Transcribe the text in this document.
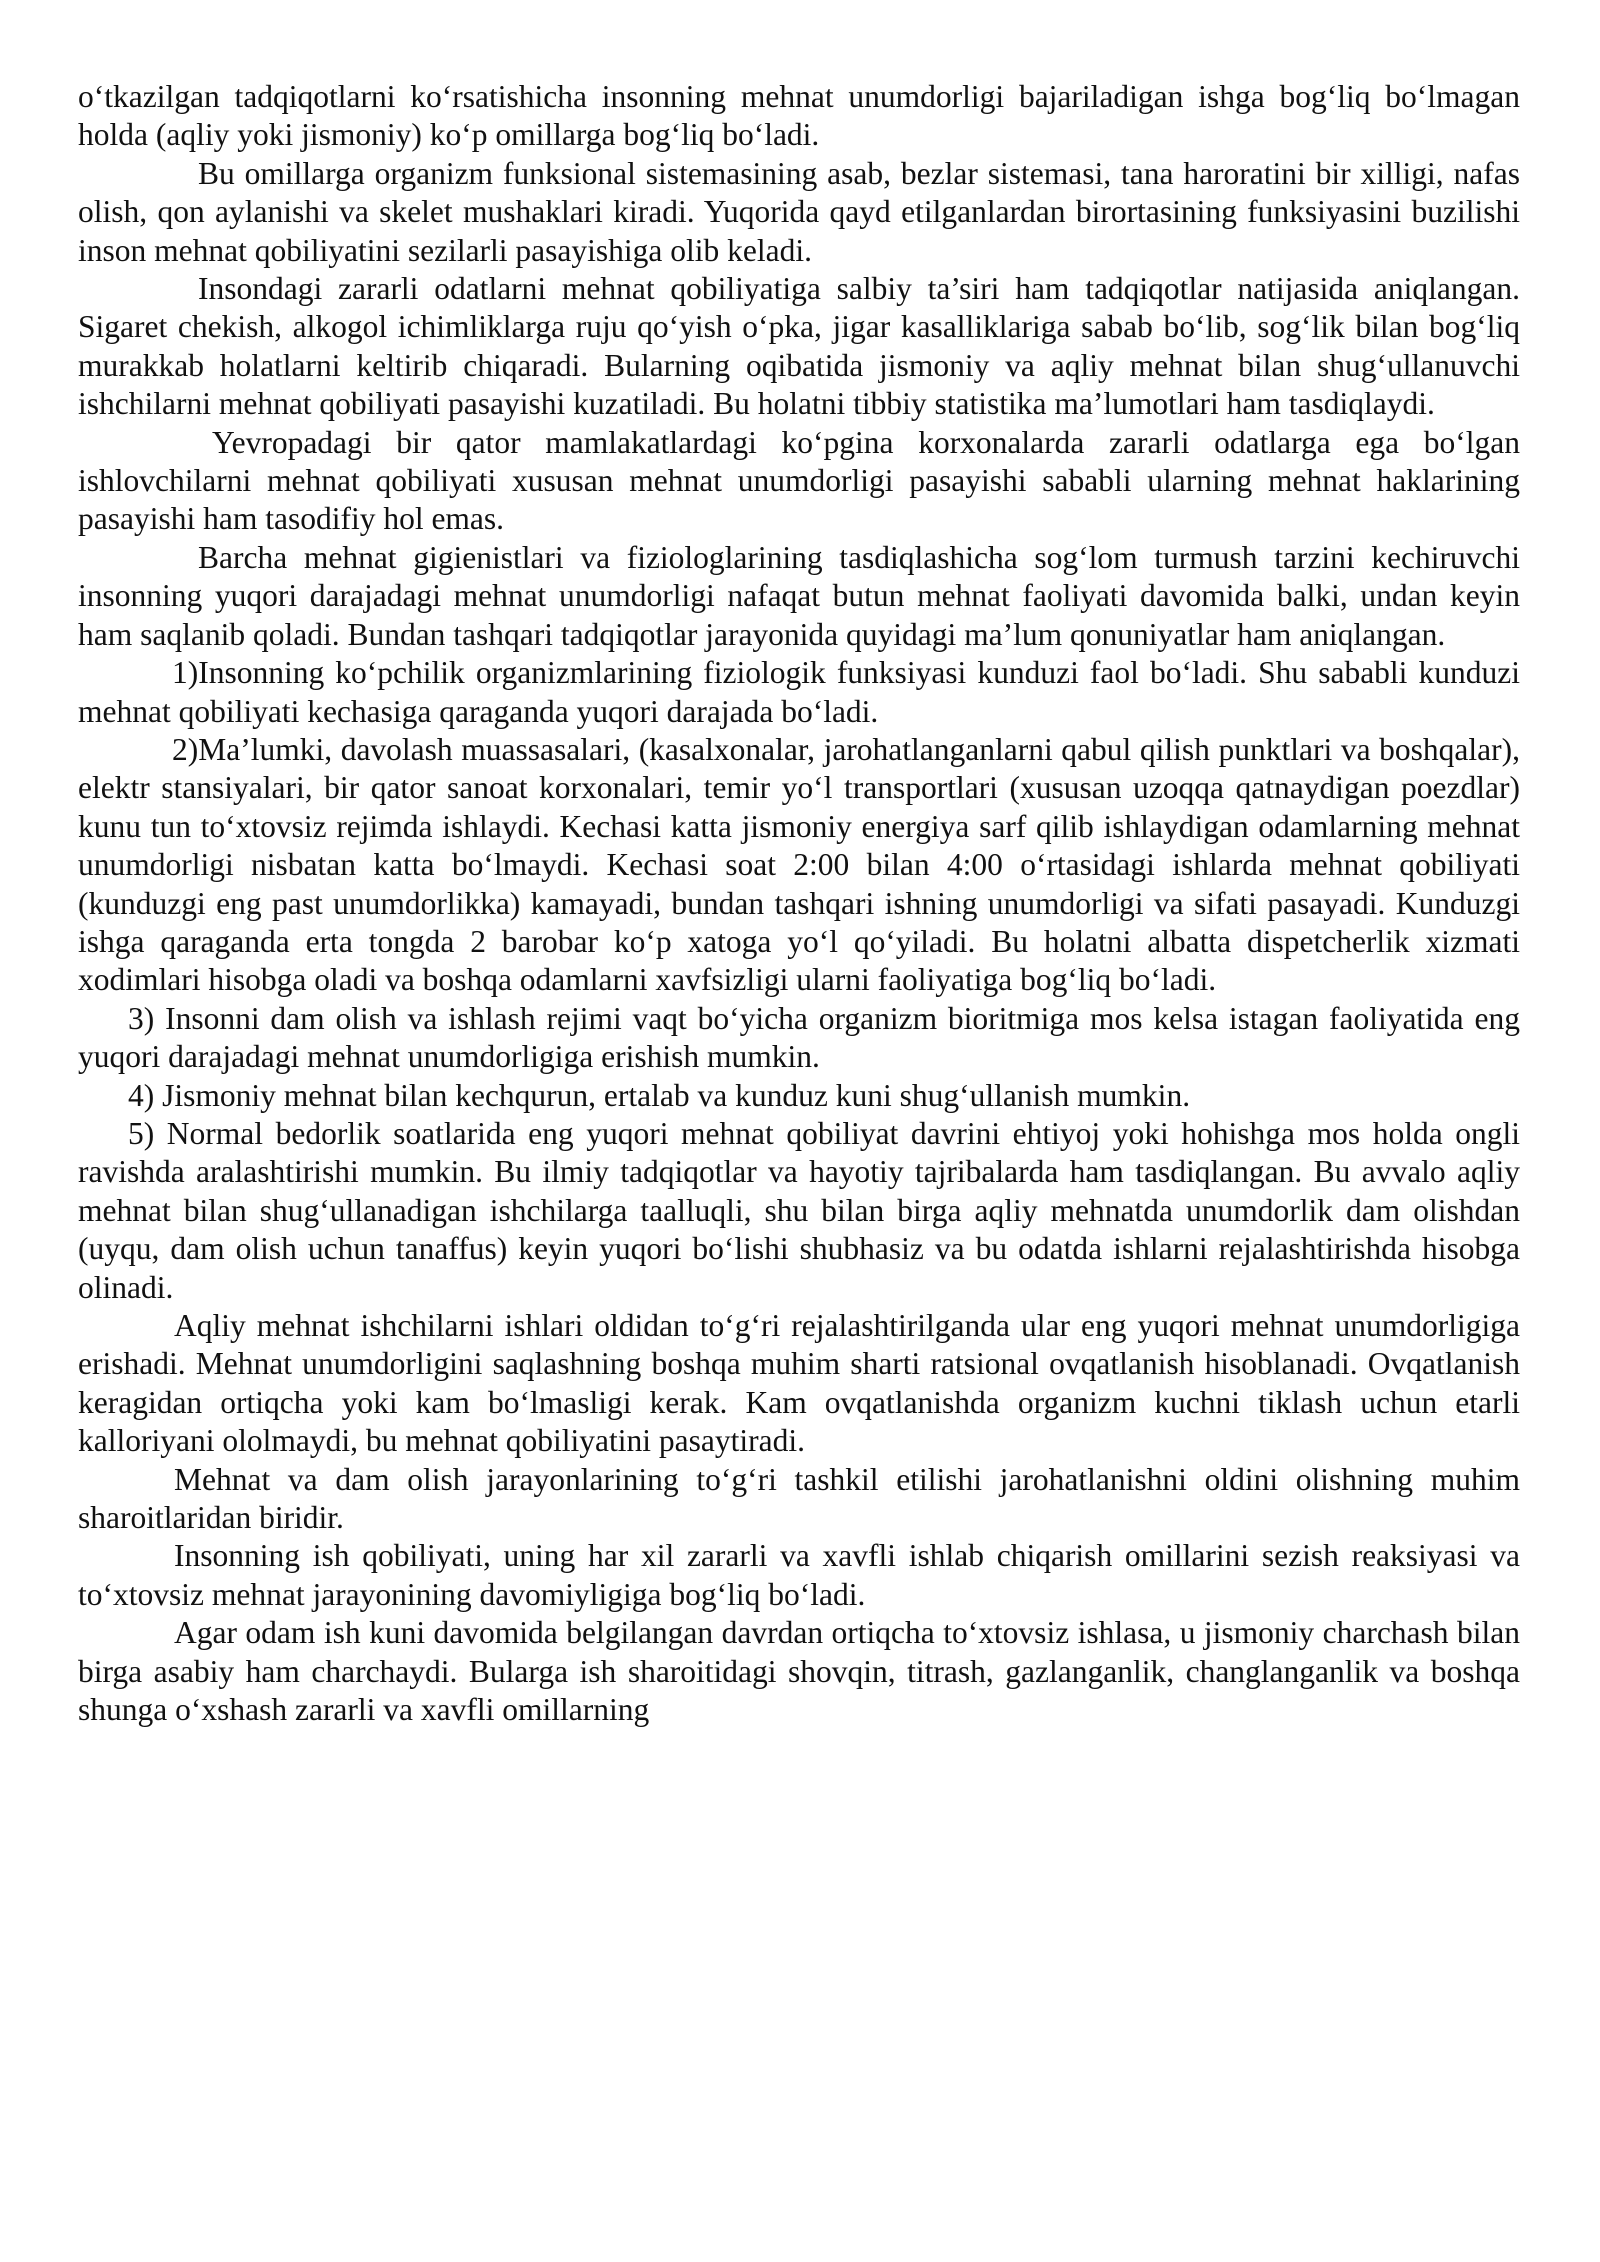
o‘tkazilgan tadqiqotlarni ko‘rsatishicha insonning mehnat unumdorligi bajariladigan ishga bog‘liq bo‘lmagan holda (aqliy yoki jismoniy) ko‘p omillarga bog‘liq bo‘ladi.

Bu omillarga organizm funksional sistemasining asab, bezlar sistemasi, tana haroratini bir xilligi, nafas olish, qon aylanishi va skelet mushaklari kiradi. Yuqorida qayd etilganlardan birortasining funksiyasini buzilishi inson mehnat qobiliyatini sezilarli pasayishiga olib keladi.

Insondagi zararli odatlarni mehnat qobiliyatiga salbiy ta’siri ham tadqiqotlar natijasida aniqlangan. Sigaret chekish, alkogol ichimliklarga ruju qo‘yish o‘pka, jigar kasalliklariga sabab bo‘lib, sog‘lik bilan bog‘liq murakkab holatlarni keltirib chiqaradi. Bularning oqibatida jismoniy va aqliy mehnat bilan shug‘ullanuvchi ishchilarni mehnat qobiliyati pasayishi kuzatiladi. Bu holatni tibbiy statistika ma’lumotlari ham tasdiqlaydi.

Yevropadagi bir qator mamlakatlardagi ko‘pgina korxonalarda zararli odatlarga ega bo‘lgan ishlovchilarni mehnat qobiliyati xususan mehnat unumdorligi pasayishi sababli ularning mehnat haklarining pasayishi ham tasodifiy hol emas.

Barcha mehnat gigienistlari va fiziologlarining tasdiqlashicha sog‘lom turmush tarzini kechiruvchi insonning yuqori darajadagi mehnat unumdorligi nafaqat butun mehnat faoliyati davomida balki, undan keyin ham saqlanib qoladi. Bundan tashqari tadqiqotlar jarayonida quyidagi ma’lum qonuniyatlar ham aniqlangan.

1)Insonning ko‘pchilik organizmlarining fiziologik funksiyasi kunduzi faol bo‘ladi. Shu sababli kunduzi mehnat qobiliyati kechasiga qaraganda yuqori darajada bo‘ladi.

2)Ma’lumki, davolash muassasalari, (kasalxonalar, jarohatlanganlarni qabul qilish punktlari va boshqalar), elektr stansiyalari, bir qator sanoat korxonalari, temir yo‘l transportlari (xususan uzoqqa qatnaydigan poezdlar) kunu tun to‘xtovsiz rejimda ishlaydi. Kechasi katta jismoniy energiya sarf qilib ishlaydigan odamlarning mehnat unumdorligi nisbatan katta bo‘lmaydi. Kechasi soat 2:00 bilan 4:00 o‘rtasidagi ishlarda mehnat qobiliyati (kunduzgi eng past unumdorlikka) kamayadi, bundan tashqari ishning unumdorligi va sifati pasayadi. Kunduzgi ishga qaraganda erta tongda 2 barobar ko‘p xatoga yo‘l qo‘yiladi. Bu holatni albatta dispetcherlik xizmati xodimlari hisobga oladi va boshqa odamlarni xavfsizligi ularni faoliyatiga bog‘liq bo‘ladi.

3) Insonni dam olish va ishlash rejimi vaqt bo‘yicha organizm bioritmiga mos kelsa istagan faoliyatida eng yuqori darajadagi mehnat unumdorligiga erishish mumkin.

4) Jismoniy mehnat bilan kechqurun, ertalab va kunduz kuni shug‘ullanish mumkin.

5) Normal bedorlik soatlarida eng yuqori mehnat qobiliyat davrini ehtiyoj yoki hohishga mos holda ongli ravishda aralashtirishi mumkin. Bu ilmiy tadqiqotlar va hayotiy tajribalarda ham tasdiqlangan. Bu avvalo aqliy mehnat bilan shug‘ullanadigan ishchilarga taalluqli, shu bilan birga aqliy mehnatda unumdorlik dam olishdan (uyqu, dam olish uchun tanaffus) keyin yuqori bo‘lishi shubhasiz va bu odatda ishlarni rejalashtirishda hisobga olinadi.

Aqliy mehnat ishchilarni ishlari oldidan to‘g‘ri rejalashtirilganda ular eng yuqori mehnat unumdorligiga erishadi. Mehnat unumdorligini saqlashning boshqa muhim sharti ratsional ovqatlanish hisoblanadi. Ovqatlanish keragidan ortiqcha yoki kam bo‘lmasligi kerak. Kam ovqatlanishda organizm kuchni tiklash uchun etarli kalloriyani ololmaydi, bu mehnat qobiliyatini pasaytiradi.

Mehnat va dam olish jarayonlarining to‘g‘ri tashkil etilishi jarohatlanishni oldini olishning muhim sharoitlaridan biridir.

Insonning ish qobiliyati, uning har xil zararli va xavfli ishlab chiqarish omillarini sezish reaksiyasi va to‘xtovsiz mehnat jarayonining davomiyligiga bog‘liq bo‘ladi.

Agar odam ish kuni davomida belgilangan davrdan ortiqcha to‘xtovsiz ishlasa, u jismoniy charchash bilan birga asabiy ham charchaydi. Bularga ish sharoitidagi shovqin, titrash, gazlanganlik, changlanganlik va boshqa shunga o‘xshash zararli va xavfli omillarning
